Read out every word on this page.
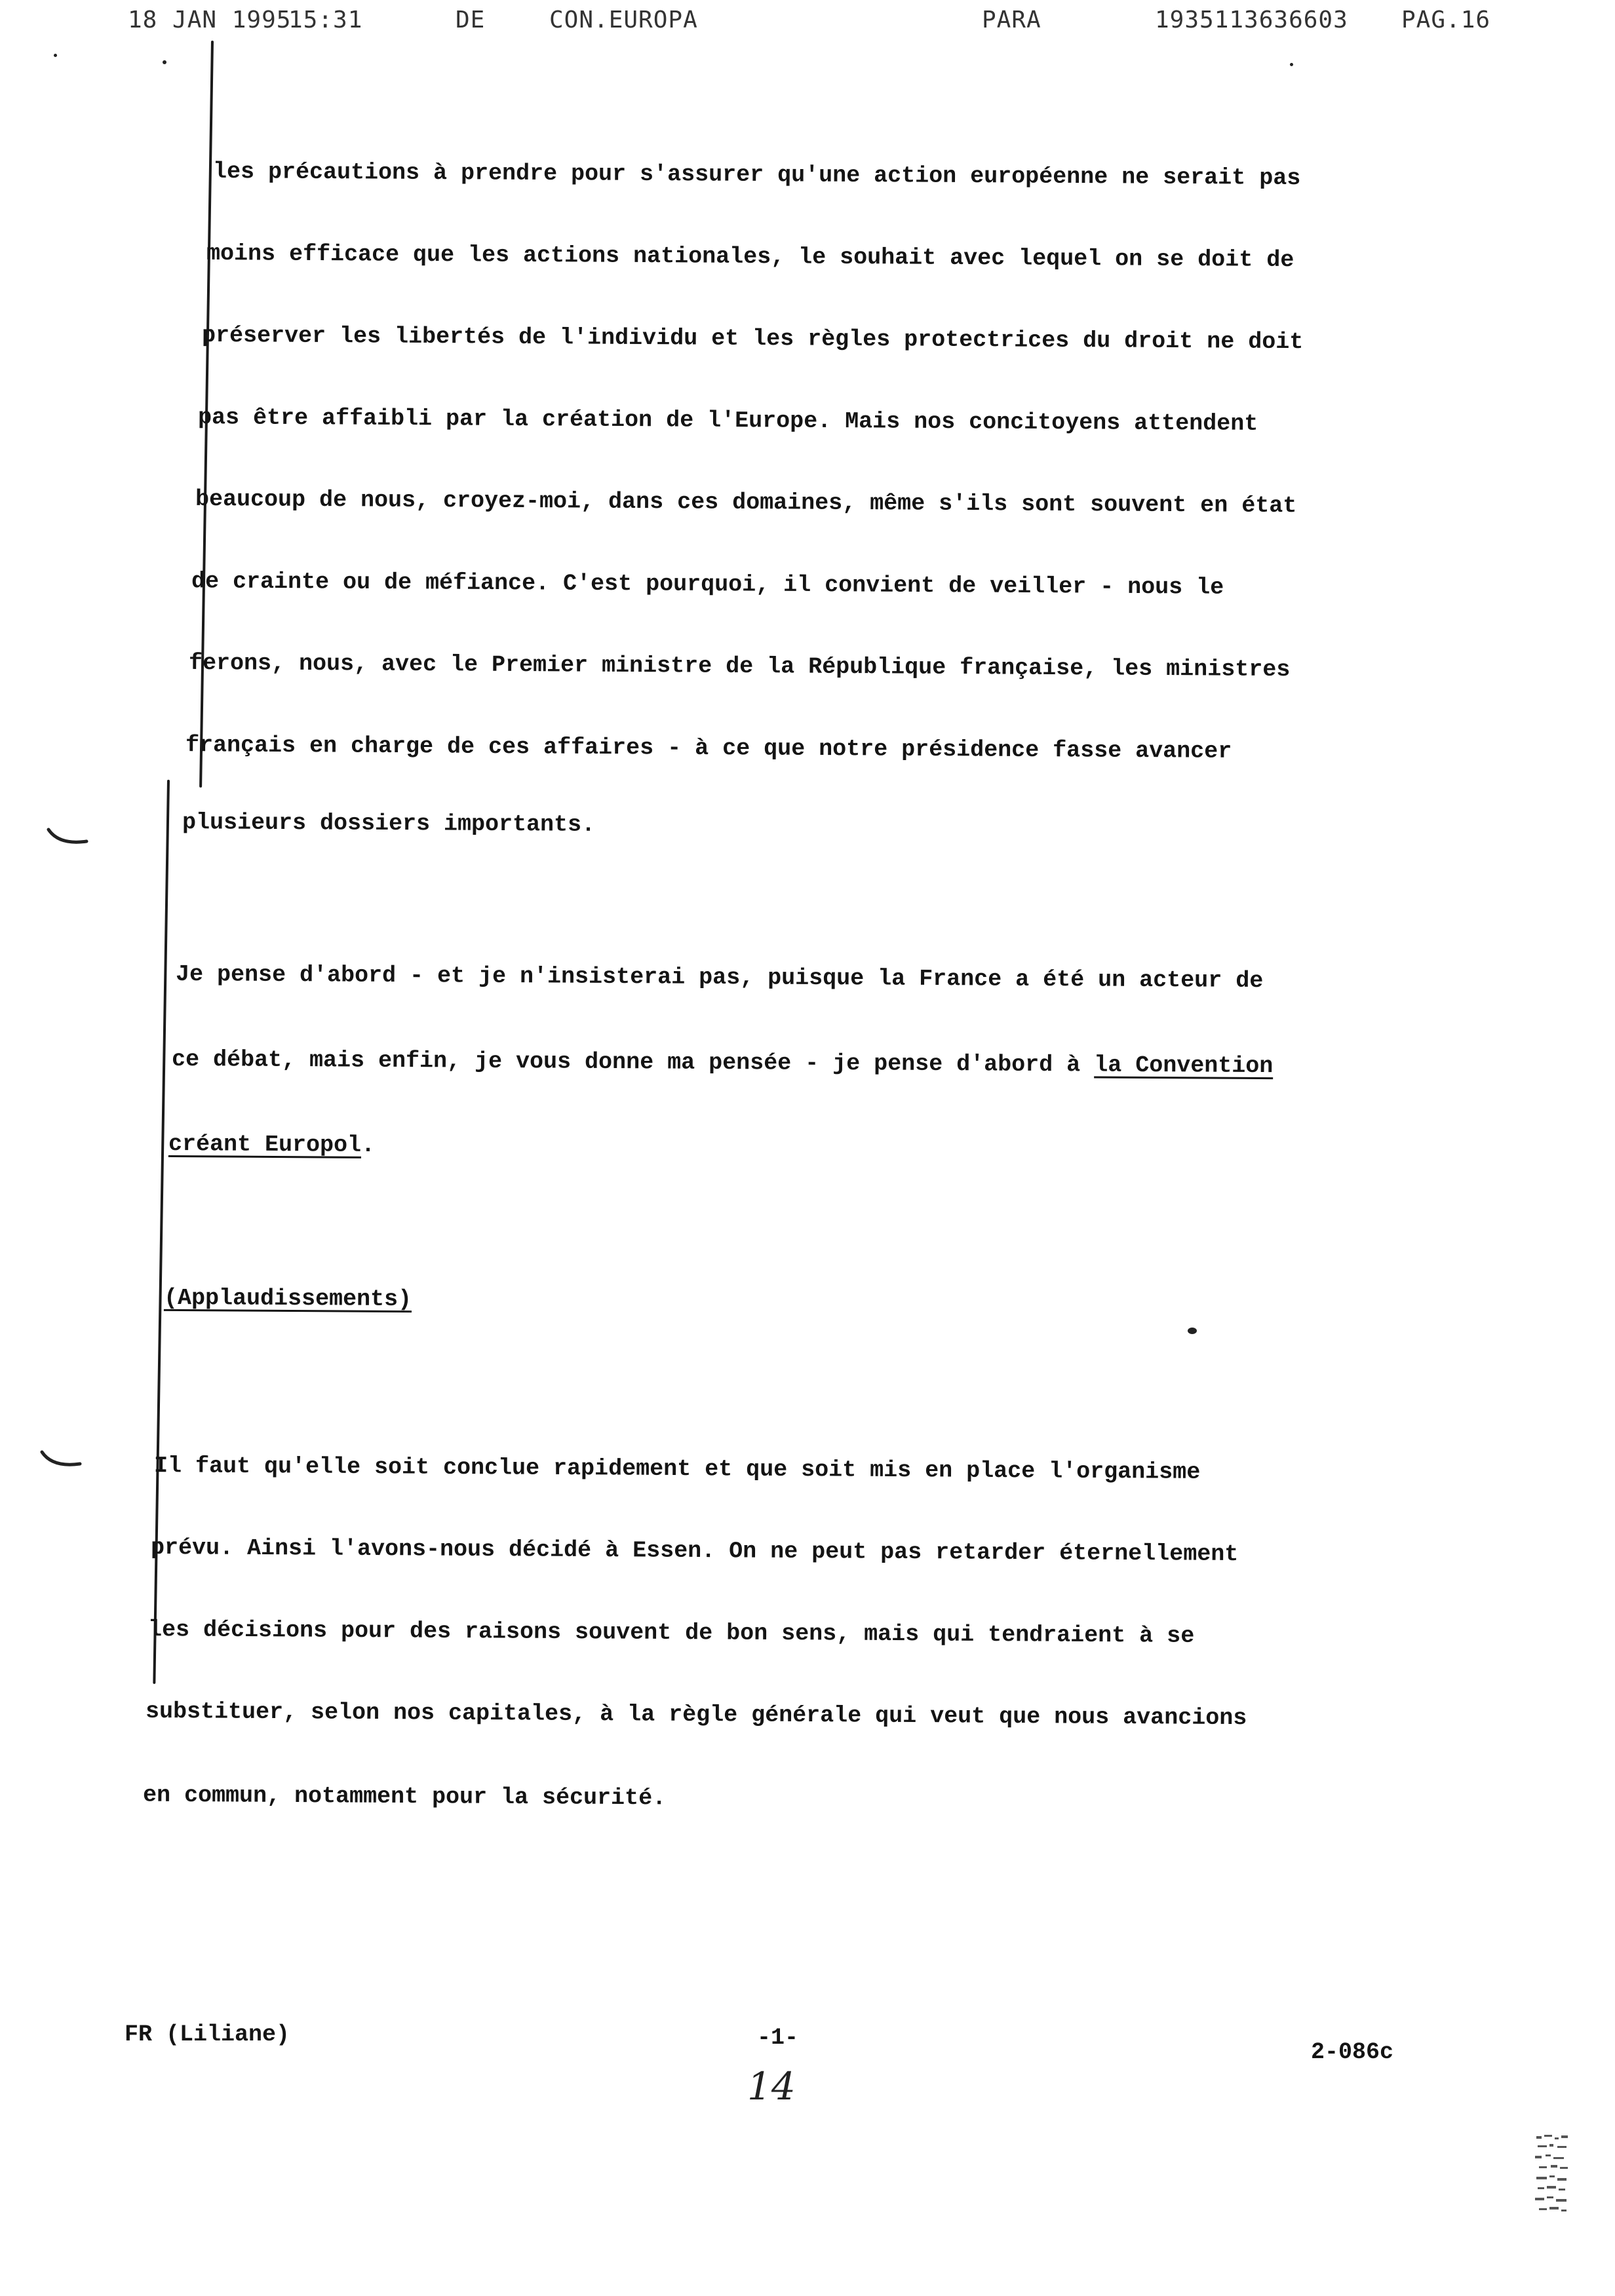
18 JAN 1995
15:31	DE	CON.EUROPA	PARA	1935113636603 PAG.16
les précautions à prendre pour s'assurer qu'une action européenne ne serait pas
moins efficace que les actions nationales, le souhait avec lequel on se doit de
préserver les libertés de l'individu et les règles protectrices du droit ne doit
pas être affaibli par la création de l'Europe. Mais nos concitoyens attendent
beaucoup de nous, croyez-moi, dans ces domaines, même s'ils sont souvent en état
de crainte ou de méfiance. C'est pourquoi, il convient de veiller - nous le
ferons, nous, avec le Premier ministre de la République française, les ministres
français en charge de ces affaires - à ce que notre présidence fasse avancer
plusieurs dossiers importants.
Je pense d'abord - et je n'insisterai pas, puisque la France a été un acteur de
ce débat, mais enfin, je vous donne ma pensée - je pense d'abord à la Convention
créant Europol.
(Applaudissements)
Il faut qu'elle soit conclue rapidement et que soit mis en place l'organisme
prévu. Ainsi l'avons-nous décidé à Essen. On ne peut pas retarder éternellement
les décisions pour des raisons souvent de bon sens, mais qui tendraient à se
substituer, selon nos capitales, à la règle générale qui veut que nous avancions
en commun, notamment pour la sécurité.
FR (Liliane)	-1-
2-086c
14
